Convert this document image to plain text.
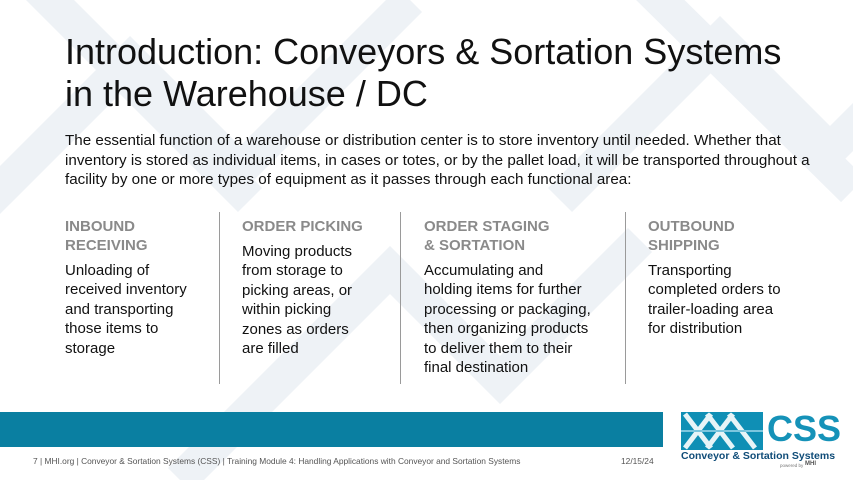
Introduction: Conveyors & Sortation Systems in the Warehouse / DC
The essential function of a warehouse or distribution center is to store inventory until needed. Whether that inventory is stored as individual items, in cases or totes, or by the pallet load, it will be transported throughout a facility by one or more types of equipment as it passes through each functional area:
INBOUND
RECEIVING
Unloading of
received inventory
and transporting
those items to
storage
ORDER PICKING
Moving products
from storage to
picking areas, or
within picking
zones as orders
are filled
ORDER STAGING
& SORTATION
Accumulating and
holding items for further
processing or packaging,
then organizing products
to deliver them to their
final destination
OUTBOUND
SHIPPING
Transporting
completed orders to
trailer-loading area
for distribution
7 | MHI.org | Conveyor & Sortation Systems (CSS) | Training Module 4: Handling Applications with Conveyor and Sortation Systems	12/15/24
CSS
Conveyor & Sortation Systems
powered by MHI
